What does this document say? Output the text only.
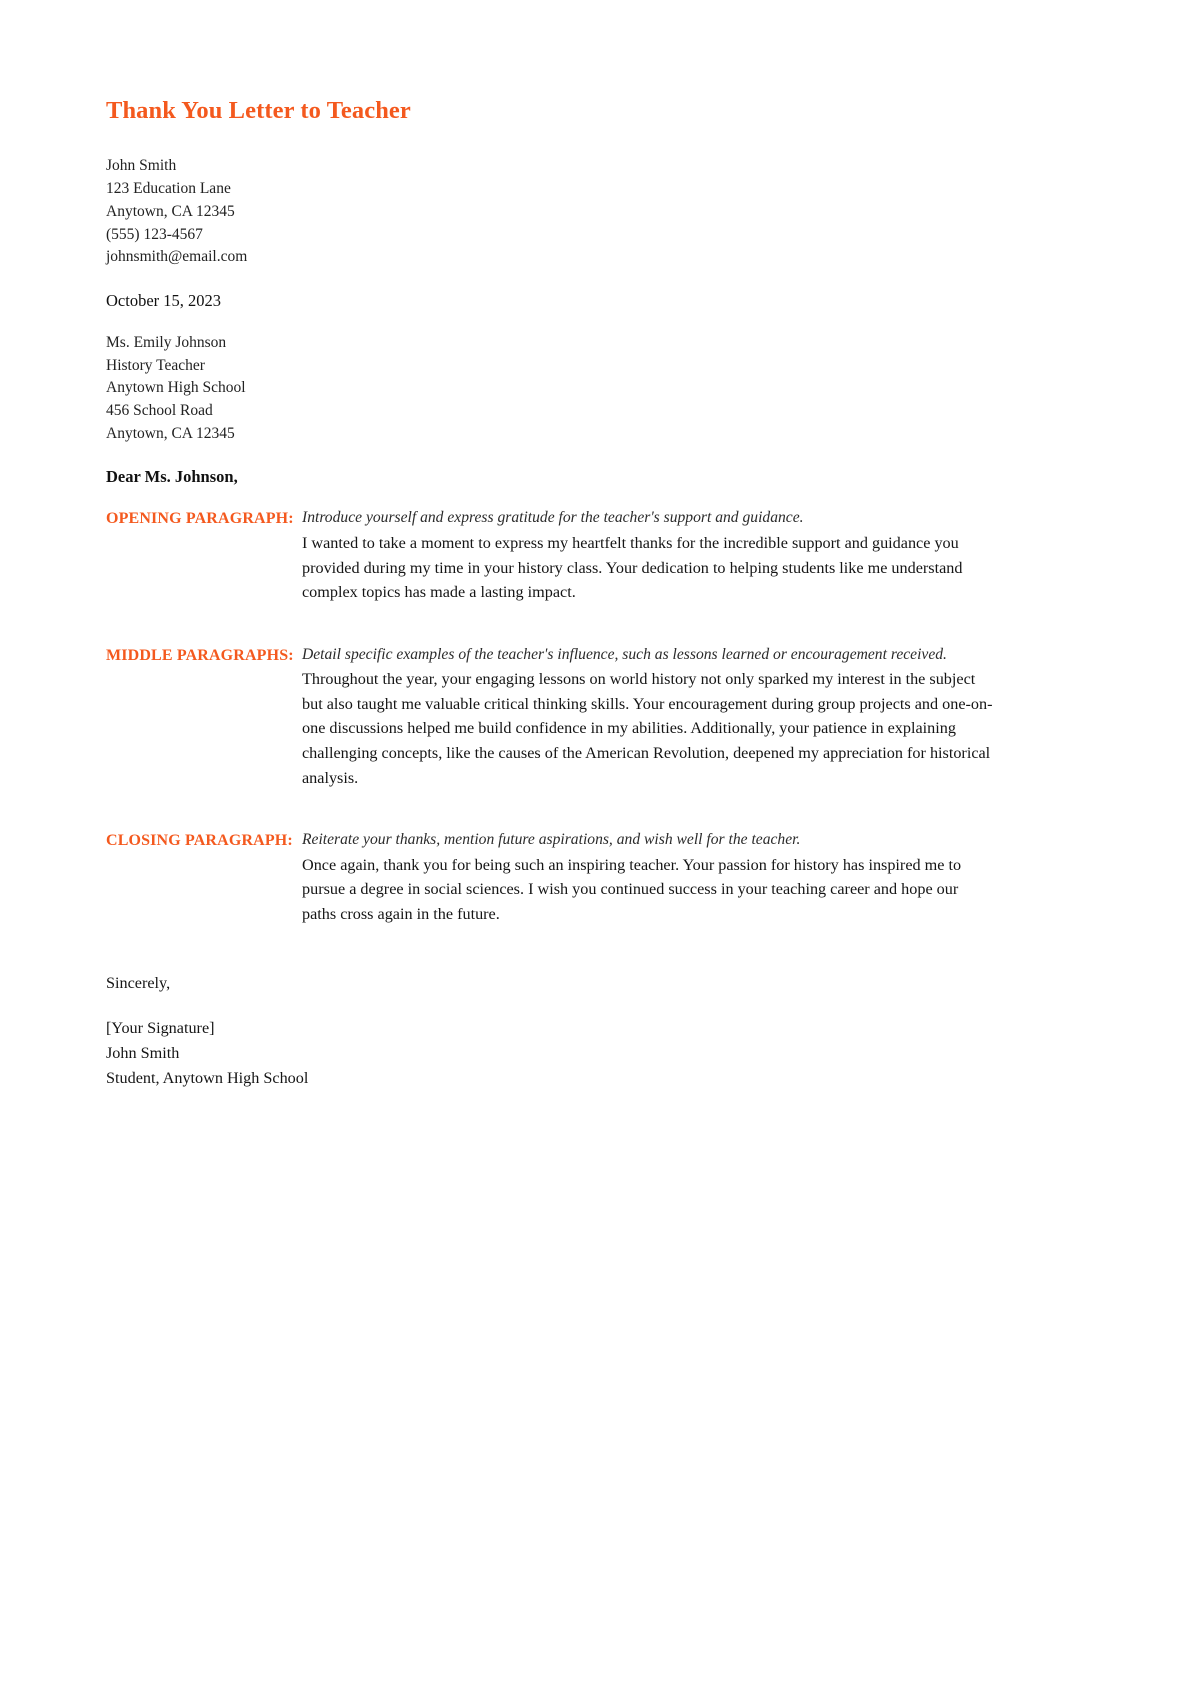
Thank You Letter to Teacher
John Smith
123 Education Lane
Anytown, CA 12345
(555) 123-4567
johnsmith@email.com
October 15, 2023
Ms. Emily Johnson
History Teacher
Anytown High School
456 School Road
Anytown, CA 12345
Dear Ms. Johnson,
OPENING PARAGRAPH: Introduce yourself and express gratitude for the teacher's support and guidance.
I wanted to take a moment to express my heartfelt thanks for the incredible support and guidance you provided during my time in your history class. Your dedication to helping students like me understand complex topics has made a lasting impact.
MIDDLE PARAGRAPHS: Detail specific examples of the teacher's influence, such as lessons learned or encouragement received.
Throughout the year, your engaging lessons on world history not only sparked my interest in the subject but also taught me valuable critical thinking skills. Your encouragement during group projects and one-on-one discussions helped me build confidence in my abilities. Additionally, your patience in explaining challenging concepts, like the causes of the American Revolution, deepened my appreciation for historical analysis.
CLOSING PARAGRAPH: Reiterate your thanks, mention future aspirations, and wish well for the teacher.
Once again, thank you for being such an inspiring teacher. Your passion for history has inspired me to pursue a degree in social sciences. I wish you continued success in your teaching career and hope our paths cross again in the future.
Sincerely,
[Your Signature]
John Smith
Student, Anytown High School
